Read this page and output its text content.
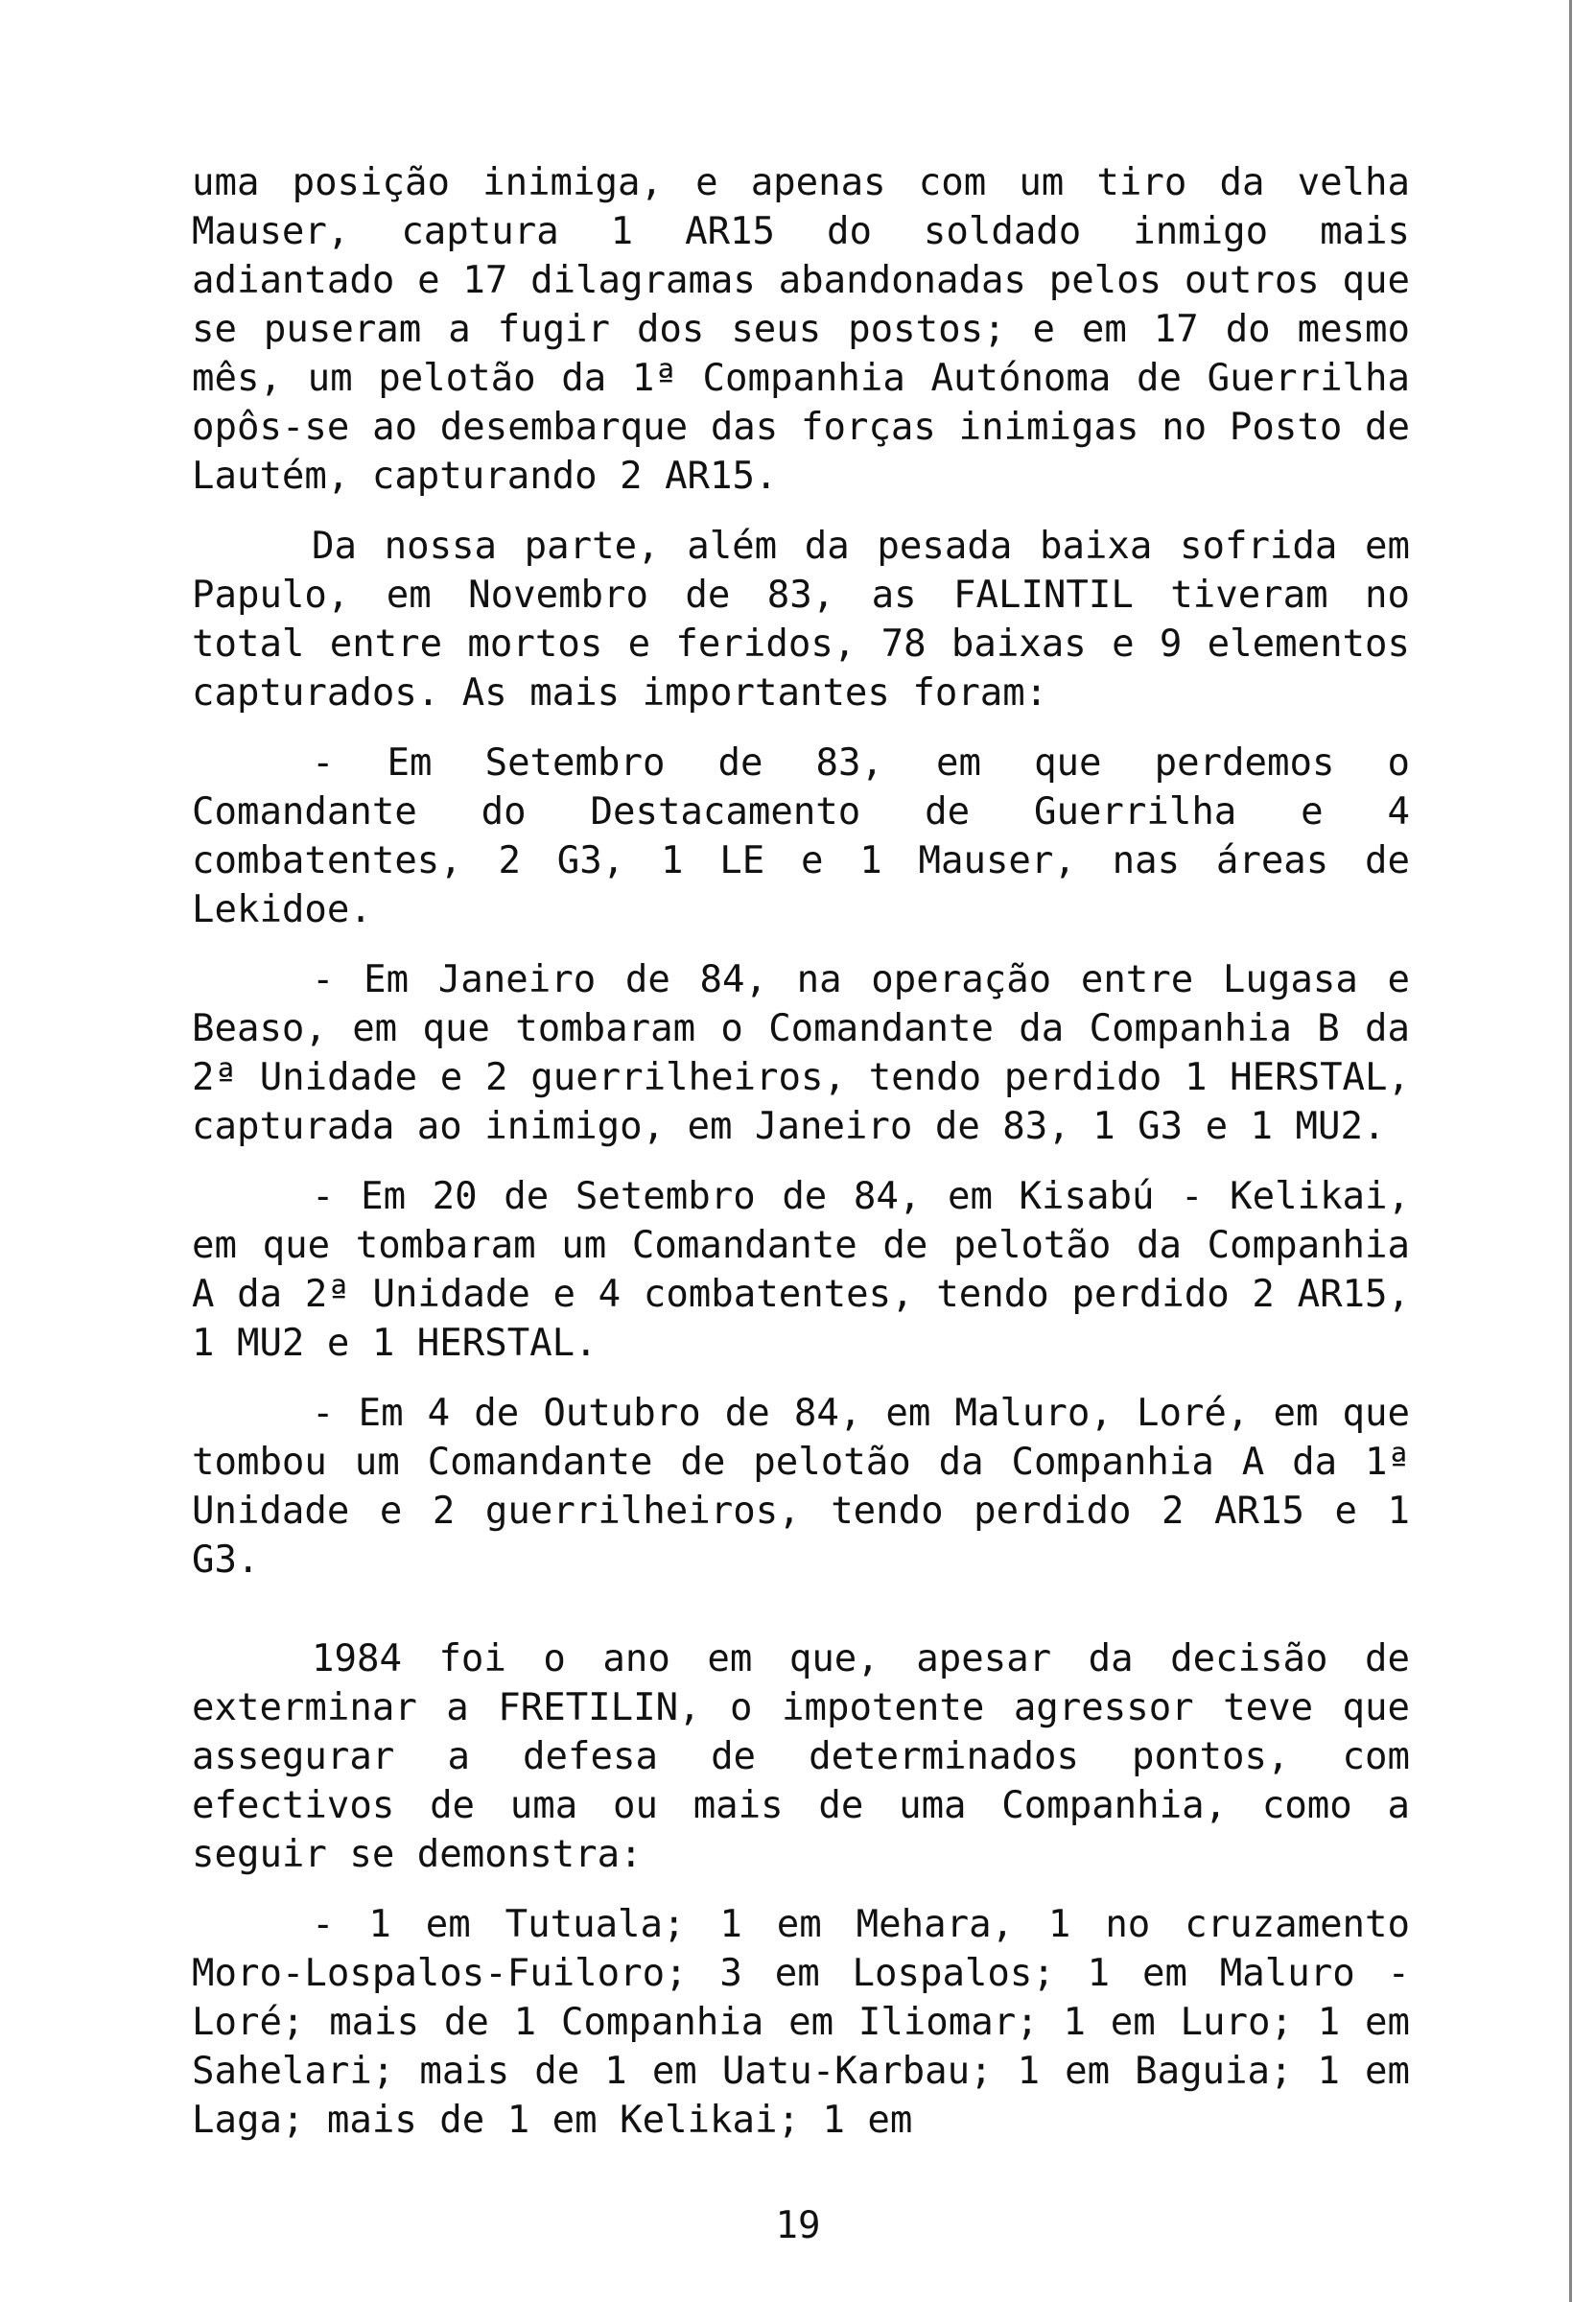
uma posição inimiga, e apenas com um tiro da velha Mauser, captura 1 AR15 do soldado inmigo mais adiantado e 17 dilagramas abandonadas pelos outros que se puseram a fugir dos seus postos; e em 17 do mesmo mês, um pelotão da 1ª Companhia Autónoma de Guerrilha opôs-se ao desembarque das forças inimigas no Posto de Lautém, capturando 2 AR15.

Da nossa parte, além da pesada baixa sofrida em Papulo, em Novembro de 83, as FALINTIL tiveram no total entre mortos e feridos, 78 baixas e 9 elementos capturados. As mais importantes foram:

- Em Setembro de 83, em que perdemos o Comandante do Destacamento de Guerrilha e 4 combatentes, 2 G3, 1 LE e 1 Mauser, nas áreas de Lekidoe.

- Em Janeiro de 84, na operação entre Lugasa e Beaso, em que tombaram o Comandante da Companhia B da 2ª Unidade e 2 guerrilheiros, tendo perdido 1 HERSTAL, capturada ao inimigo, em Janeiro de 83, 1 G3 e 1 MU2.

- Em 20 de Setembro de 84, em Kisabú - Kelikai, em que tombaram um Comandante de pelotão da Companhia A da 2ª Unidade e 4 combatentes, tendo perdido 2 AR15, 1 MU2 e 1 HERSTAL.

- Em 4 de Outubro de 84, em Maluro, Loré, em que tombou um Comandante de pelotão da Companhia A da 1ª Unidade e 2 guerrilheiros, tendo perdido 2 AR15 e 1 G3.

1984 foi o ano em que, apesar da decisão de exterminar a FRETILIN, o impotente agressor teve que assegurar a defesa de determinados pontos, com efectivos de uma ou mais de uma Companhia, como a seguir se demonstra:

- 1 em Tutuala; 1 em Mehara, 1 no cruzamento Moro-Lospalos-Fuiloro; 3 em Lospalos; 1 em Maluro - Loré; mais de 1 Companhia em Iliomar; 1 em Luro; 1 em Sahelari; mais de 1 em Uatu-Karbau; 1 em Baguia; 1 em Laga; mais de 1 em Kelikai; 1 em

19
